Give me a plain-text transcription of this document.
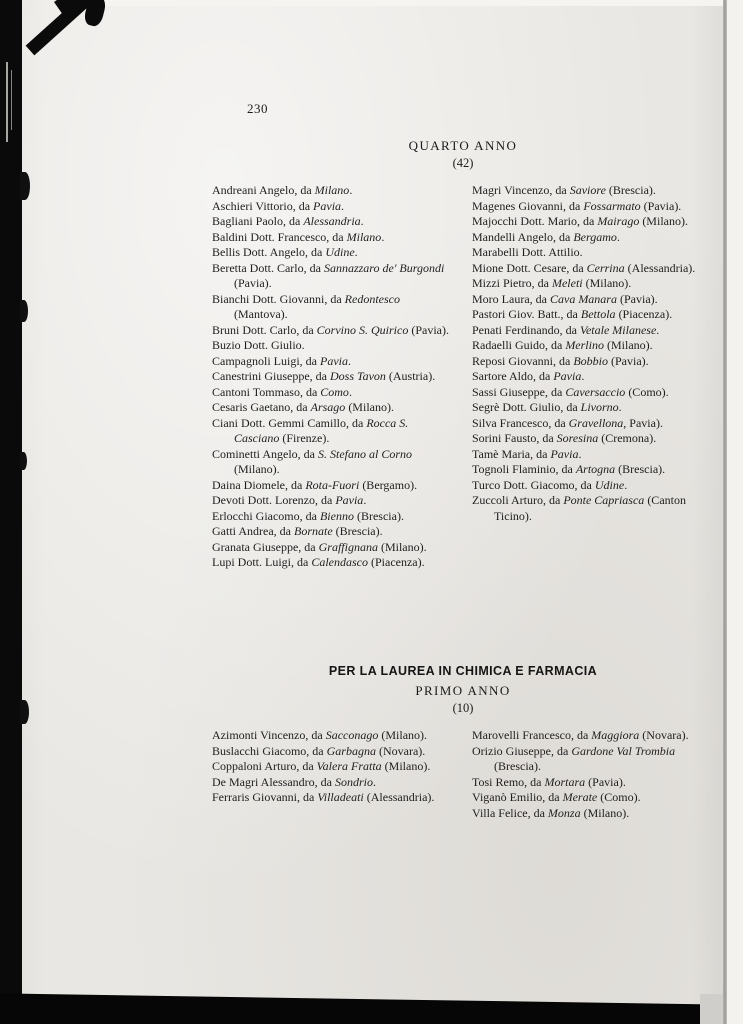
230
QUARTO ANNO
(42)
Andreani Angelo, da Milano.
Aschieri Vittorio, da Pavia.
Bagliani Paolo, da Alessandria.
Baldini Dott. Francesco, da Milano.
Bellis Dott. Angelo, da Udine.
Beretta Dott. Carlo, da Sannazzaro de' Burgondi (Pavia).
Bianchi Dott. Giovanni, da Redontesco (Mantova).
Bruni Dott. Carlo, da Corvino S. Quirico (Pavia).
Buzio Dott. Giulio.
Campagnoli Luigi, da Pavia.
Canestrini Giuseppe, da Doss Tavon (Austria).
Cantoni Tommaso, da Como.
Cesaris Gaetano, da Arsago (Milano).
Ciani Dott. Gemmi Camillo, da Rocca S. Casciano (Firenze).
Cominetti Angelo, da S. Stefano al Corno (Milano).
Daina Diomele, da Rota-Fuori (Bergamo).
Devoti Dott. Lorenzo, da Pavia.
Erlocchi Giacomo, da Bienno (Brescia).
Gatti Andrea, da Bornate (Brescia).
Granata Giuseppe, da Graffignana (Milano).
Lupi Dott. Luigi, da Calendasco (Piacenza).
Magri Vincenzo, da Saviore (Brescia).
Magenes Giovanni, da Fossarmato (Pavia).
Majocchi Dott. Mario, da Mairago (Milano).
Mandelli Angelo, da Bergamo.
Marabelli Dott. Attilio.
Mione Dott. Cesare, da Cerrina (Alessandria).
Mizzi Pietro, da Meleti (Milano).
Moro Laura, da Cava Manara (Pavia).
Pastori Giov. Batt., da Bettola (Piacenza).
Penati Ferdinando, da Vetale Milanese.
Radaelli Guido, da Merlino (Milano).
Reposi Giovanni, da Bobbio (Pavia).
Sartore Aldo, da Pavia.
Sassi Giuseppe, da Caversaccio (Como).
Segrè Dott. Giulio, da Livorno.
Silva Francesco, da Gravellona, Pavia).
Sorini Fausto, da Soresina (Cremona).
Tamè Maria, da Pavia.
Tognoli Flaminio, da Artogna (Brescia).
Turco Dott. Giacomo, da Udine.
Zuccoli Arturo, da Ponte Capriasca (Canton Ticino).
PER LA LAUREA IN CHIMICA E FARMACIA
PRIMO ANNO
(10)
Azimonti Vincenzo, da Sacconago (Milano).
Buslacchi Giacomo, da Garbagna (Novara).
Coppaloni Arturo, da Valera Fratta (Milano).
De Magri Alessandro, da Sondrio.
Ferraris Giovanni, da Villadeati (Alessandria).
Marovelli Francesco, da Maggiora (Novara).
Orizio Giuseppe, da Gardone Val Trombia (Brescia).
Tosi Remo, da Mortara (Pavia).
Viganò Emilio, da Merate (Como).
Villa Felice, da Monza (Milano).
